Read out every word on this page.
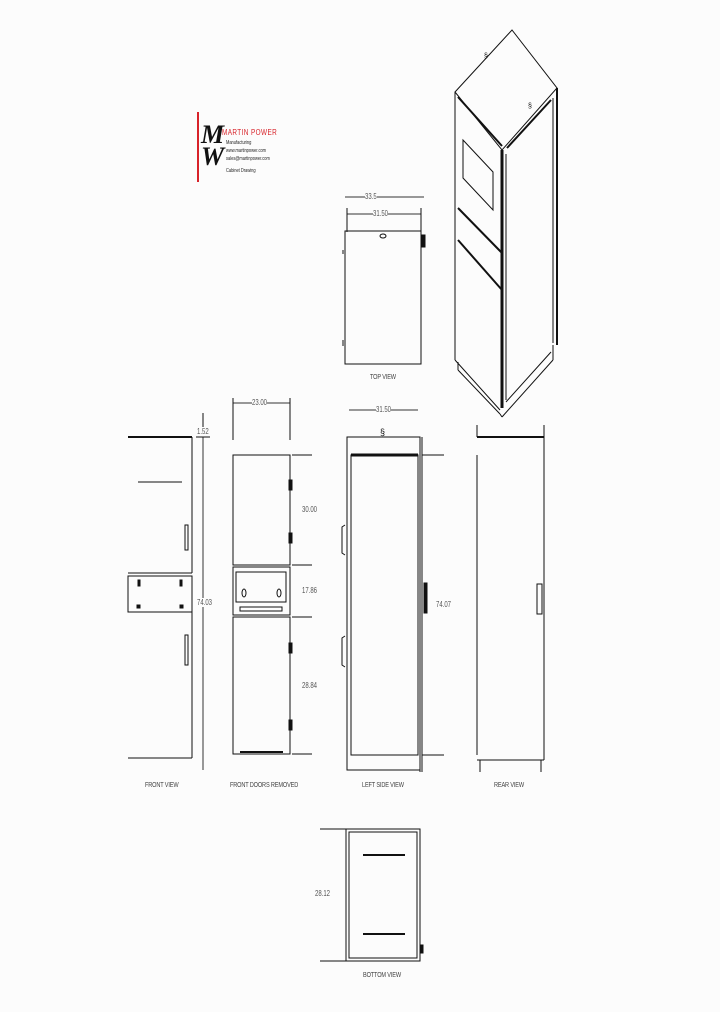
M
W
MARTIN POWER
Manufacturing
www.martinpower.com
sales@martinpower.com
Cabinet Drawing
§
§
§
33.5
31.50
1.52
74.03
23.00
30.00
17.86
28.84
31.50
74.07
28.12
TOP VIEW
FRONT VIEW	FRONT DOORS REMOVED	LEFT SIDE VIEW	REAR VIEW
BOTTOM VIEW
